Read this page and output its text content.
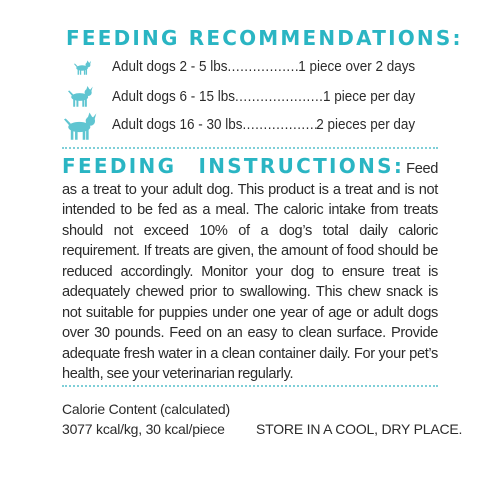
FEEDING RECOMMENDATIONS:
Adult dogs 2 - 5 lbs .....	1 piece over 2 days
Adult dogs 6 - 15 lbs .....	1 piece per day
Adult dogs 16 - 30 lbs .....	2 pieces per day
FEEDING INSTRUCTIONS: Feed as a treat to your adult dog. This product is a treat and is not intended to be fed as a meal. The caloric intake from treats should not exceed 10% of a dog’s total daily caloric requirement. If treats are given, the amount of food should be reduced accordingly. Monitor your dog to ensure treat is adequately chewed prior to swallowing. This chew snack is not suitable for puppies under one year of age or adult dogs over 30 pounds. Feed on an easy to clean surface. Provide adequate fresh water in a clean container daily. For your pet’s health, see your veterinarian regularly.
Calorie Content (calculated)
3077 kcal/kg, 30 kcal/piece STORE IN A COOL, DRY PLACE.
